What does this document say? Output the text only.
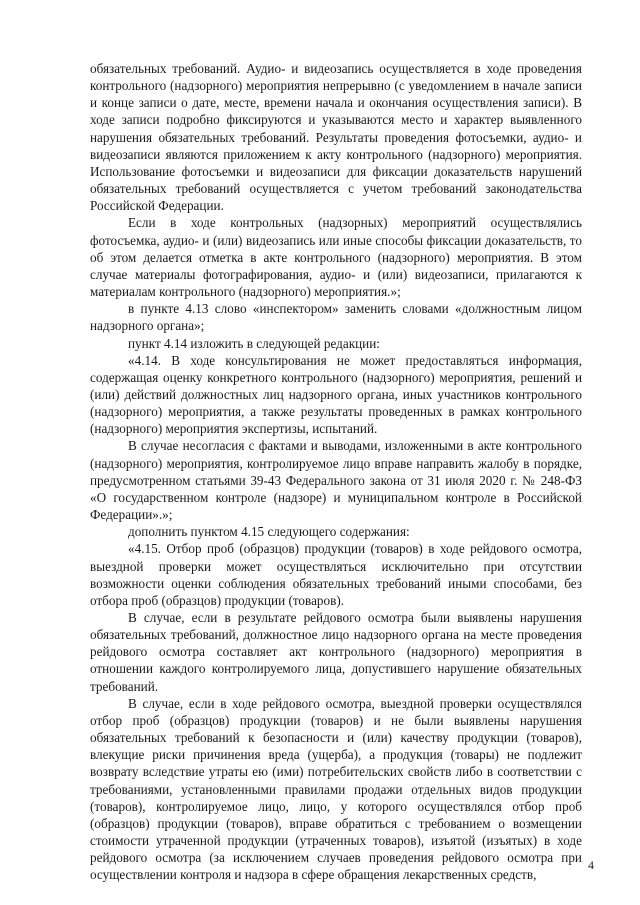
обязательных требований. Аудио- и видеозапись осуществляется в ходе проведения контрольного (надзорного) мероприятия непрерывно (с уведомлением в начале записи и конце записи о дате, месте, времени начала и окончания осуществления записи). В ходе записи подробно фиксируются и указываются место и характер выявленного нарушения обязательных требований. Результаты проведения фотосъемки, аудио- и видеозаписи являются приложением к акту контрольного (надзорного) мероприятия. Использование фотосъемки и видеозаписи для фиксации доказательств нарушений обязательных требований осуществляется с учетом требований законодательства Российской Федерации.

Если в ходе контрольных (надзорных) мероприятий осуществлялись фотосъемка, аудио- и (или) видеозапись или иные способы фиксации доказательств, то об этом делается отметка в акте контрольного (надзорного) мероприятия. В этом случае материалы фотографирования, аудио- и (или) видеозаписи, прилагаются к материалам контрольного (надзорного) мероприятия.»;

в пункте 4.13 слово «инспектором» заменить словами «должностным лицом надзорного органа»;

пункт 4.14 изложить в следующей редакции:

«4.14. В ходе консультирования не может предоставляться информация, содержащая оценку конкретного контрольного (надзорного) мероприятия, решений и (или) действий должностных лиц надзорного органа, иных участников контрольного (надзорного) мероприятия, а также результаты проведенных в рамках контрольного (надзорного) мероприятия экспертизы, испытаний.

В случае несогласия с фактами и выводами, изложенными в акте контрольного (надзорного) мероприятия, контролируемое лицо вправе направить жалобу в порядке, предусмотренном статьями 39-43 Федерального закона от 31 июля 2020 г. № 248-ФЗ «О государственном контроле (надзоре) и муниципальном контроле в Российской Федерации».»;

дополнить пунктом 4.15 следующего содержания:

«4.15. Отбор проб (образцов) продукции (товаров) в ходе рейдового осмотра, выездной проверки может осуществляться исключительно при отсутствии возможности оценки соблюдения обязательных требований иными способами, без отбора проб (образцов) продукции (товаров).

В случае, если в результате рейдового осмотра были выявлены нарушения обязательных требований, должностное лицо надзорного органа на месте проведения рейдового осмотра составляет акт контрольного (надзорного) мероприятия в отношении каждого контролируемого лица, допустившего нарушение обязательных требований.

В случае, если в ходе рейдового осмотра, выездной проверки осуществлялся отбор проб (образцов) продукции (товаров) и не были выявлены нарушения обязательных требований к безопасности и (или) качеству продукции (товаров), влекущие риски причинения вреда (ущерба), а продукция (товары) не подлежит возврату вследствие утраты ею (ими) потребительских свойств либо в соответствии с требованиями, установленными правилами продажи отдельных видов продукции (товаров), контролируемое лицо, лицо, у которого осуществлялся отбор проб (образцов) продукции (товаров), вправе обратиться с требованием о возмещении стоимости утраченной продукции (утраченных товаров), изъятой (изъятых) в ходе рейдового осмотра (за исключением случаев проведения рейдового осмотра при осуществлении контроля и надзора в сфере обращения лекарственных средств,

4
